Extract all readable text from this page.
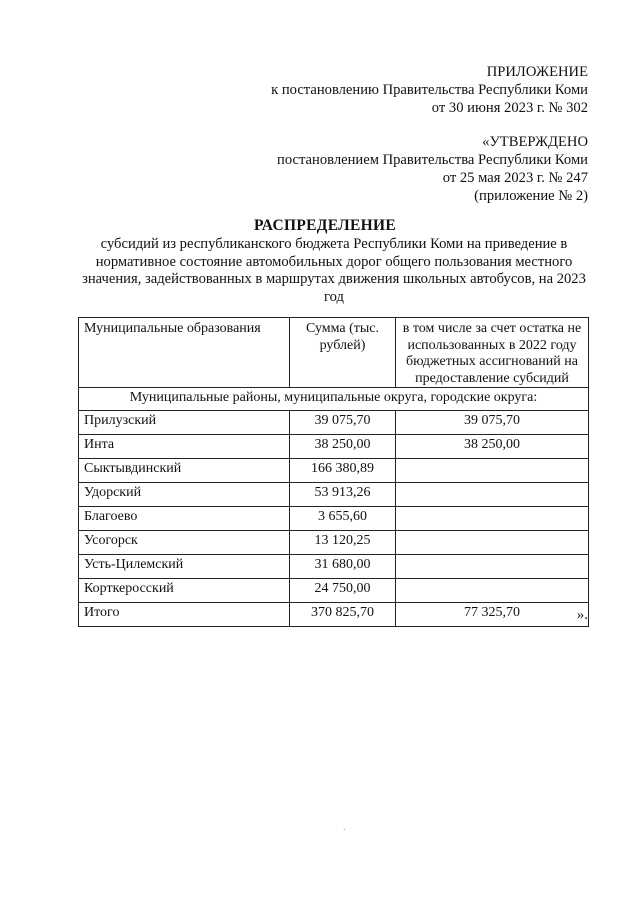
ПРИЛОЖЕНИЕ
к постановлению Правительства Республики Коми
от 30 июня 2023 г. № 302
«УТВЕРЖДЕНО
постановлением Правительства Республики Коми
от 25 мая 2023 г. № 247
(приложение № 2)
РАСПРЕДЕЛЕНИЕ
субсидий из республиканского бюджета Республики Коми на приведение в нормативное состояние автомобильных дорог общего пользования местного значения, задействованных в маршрутах движения школьных автобусов, на 2023 год
Муниципальные образования	Сумма (тыс. рублей)	в том числе за счет остатка не использованных в 2022 году бюджетных ассигнований на предоставление субсидий
Муниципальные районы, муниципальные округа, городские округа:		
Прилузский	39 075,70	39 075,70
Инта	38 250,00	38 250,00
Сыктывдинский	166 380,89	
Удорский	53 913,26	
Благоево	3 655,60	
Усогорск	13 120,25	
Усть-Цилемский	31 680,00	
Корткеросский	24 750,00	
Итого	370 825,70	77 325,70	».
.
